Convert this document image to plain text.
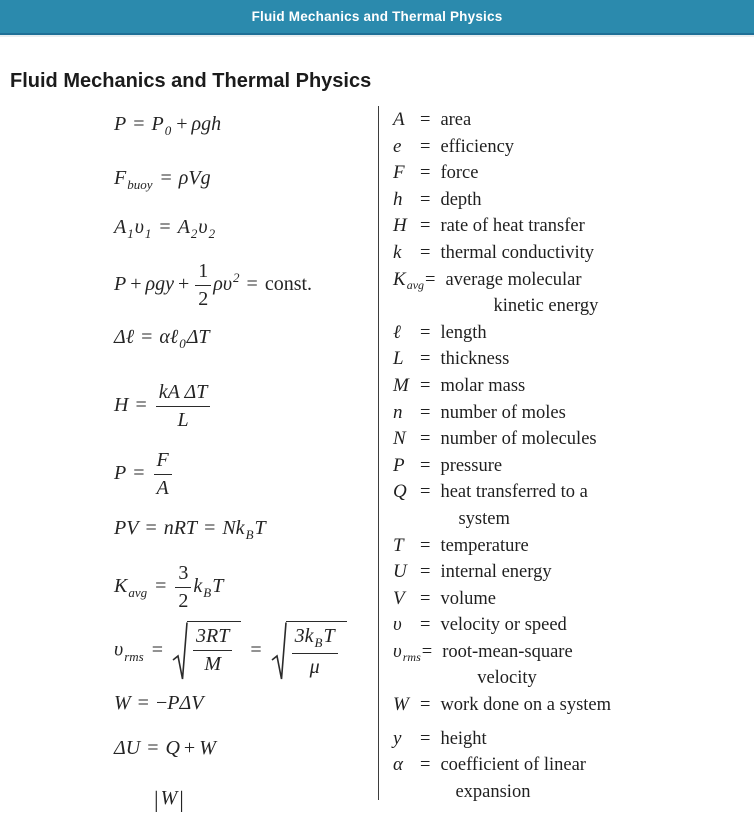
Fluid Mechanics and Thermal Physics
Fluid Mechanics and Thermal Physics
$P = P_0 + \rho gh$
$F_{buoy} = \rho Vg$
$A_1\upsilon_1 = A_2\upsilon_2$
$P + \rho gy + \frac{1}{2} \rho\upsilon^2$ = const.
Δℓ = αℓ$_0$ΔT
$H = \frac{\text{kA ΔT}}{L}$
$P = \frac{F}{A}$
PV = nRT = $Nk_BT$
$K_{avg} = \frac{3}{2} k_BT$
$\upsilon_{rms} = \frac{3RT}{M} = \frac{3k_BT}{\mu}$
W = −PΔV
ΔU = Q + W
| W|
A = area
e = efficiency
F = force
h = depth
H = rate of heat transfer
k = thermal conductivity
$K_{avg}=$ average molecular
kinetic energy
ℓ = length
L = thickness
M = molar mass
n = number of moles
N = number of molecules
P = pressure
Q = heat transferred to a
system
T = temperature
U = internal energy
V = volume
υ = velocity or speed
$\upsilon_{rms}=$ root-mean-square
velocity
W = work done on a system
y = height
α = coefficient of linear
expansion
